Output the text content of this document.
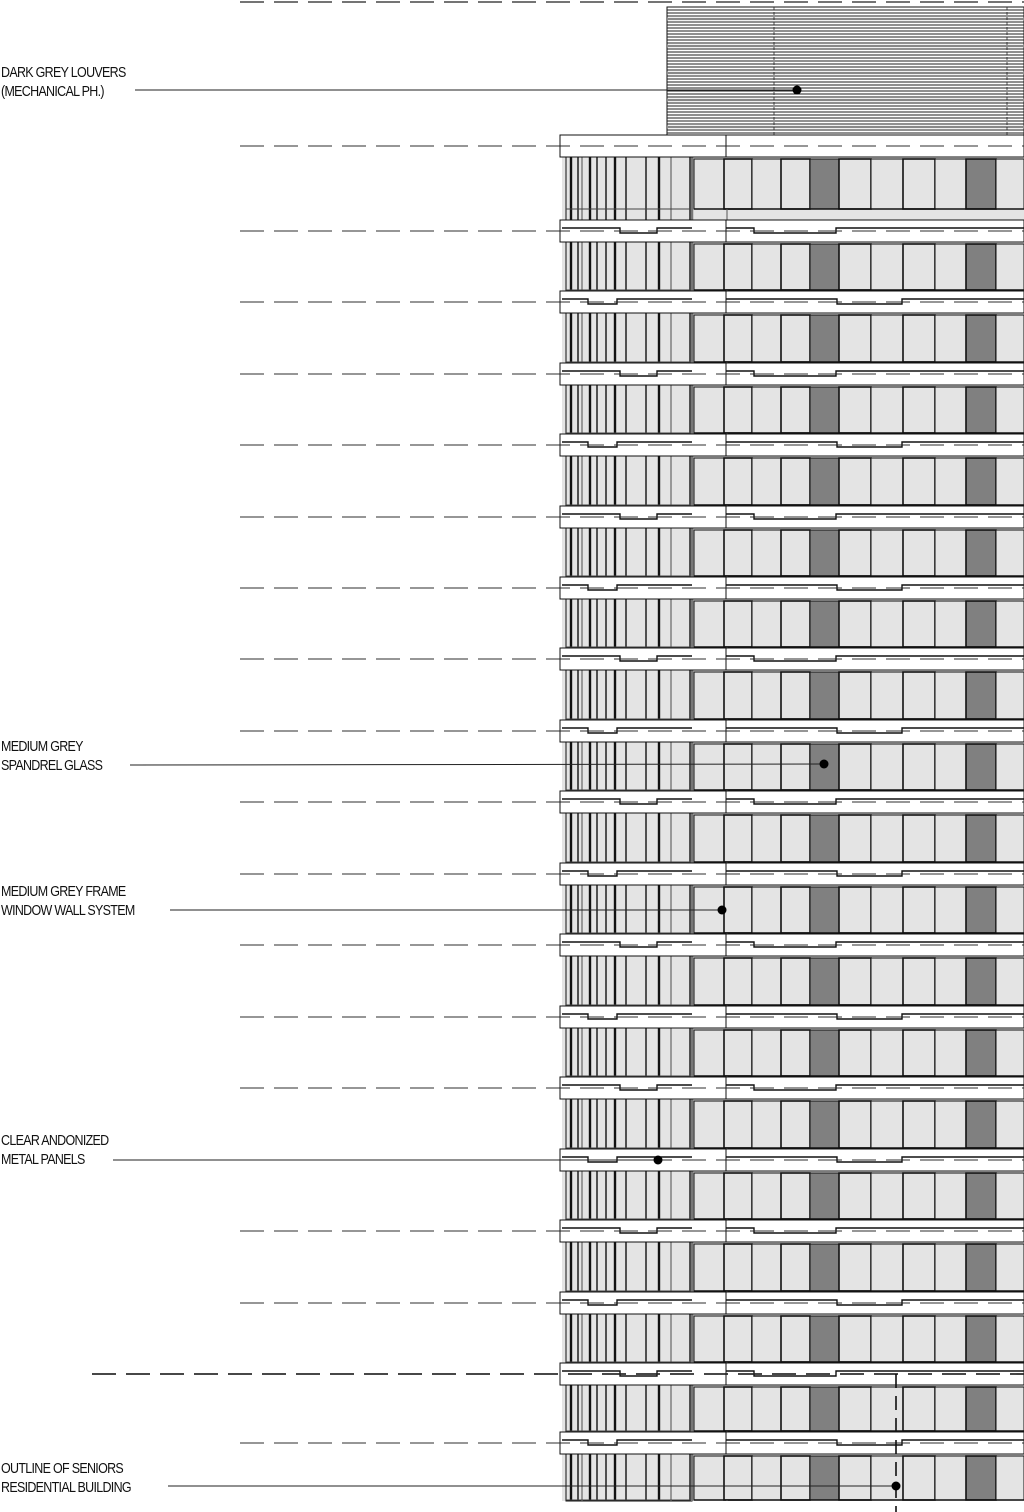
DARK GREY LOUVERS
(MECHANICAL PH.)
MEDIUM GREY
SPANDREL GLASS
MEDIUM GREY FRAME
WINDOW WALL SYSTEM
CLEAR ANDONIZED
METAL PANELS
OUTLINE OF SENIORS
RESIDENTIAL BUILDING
